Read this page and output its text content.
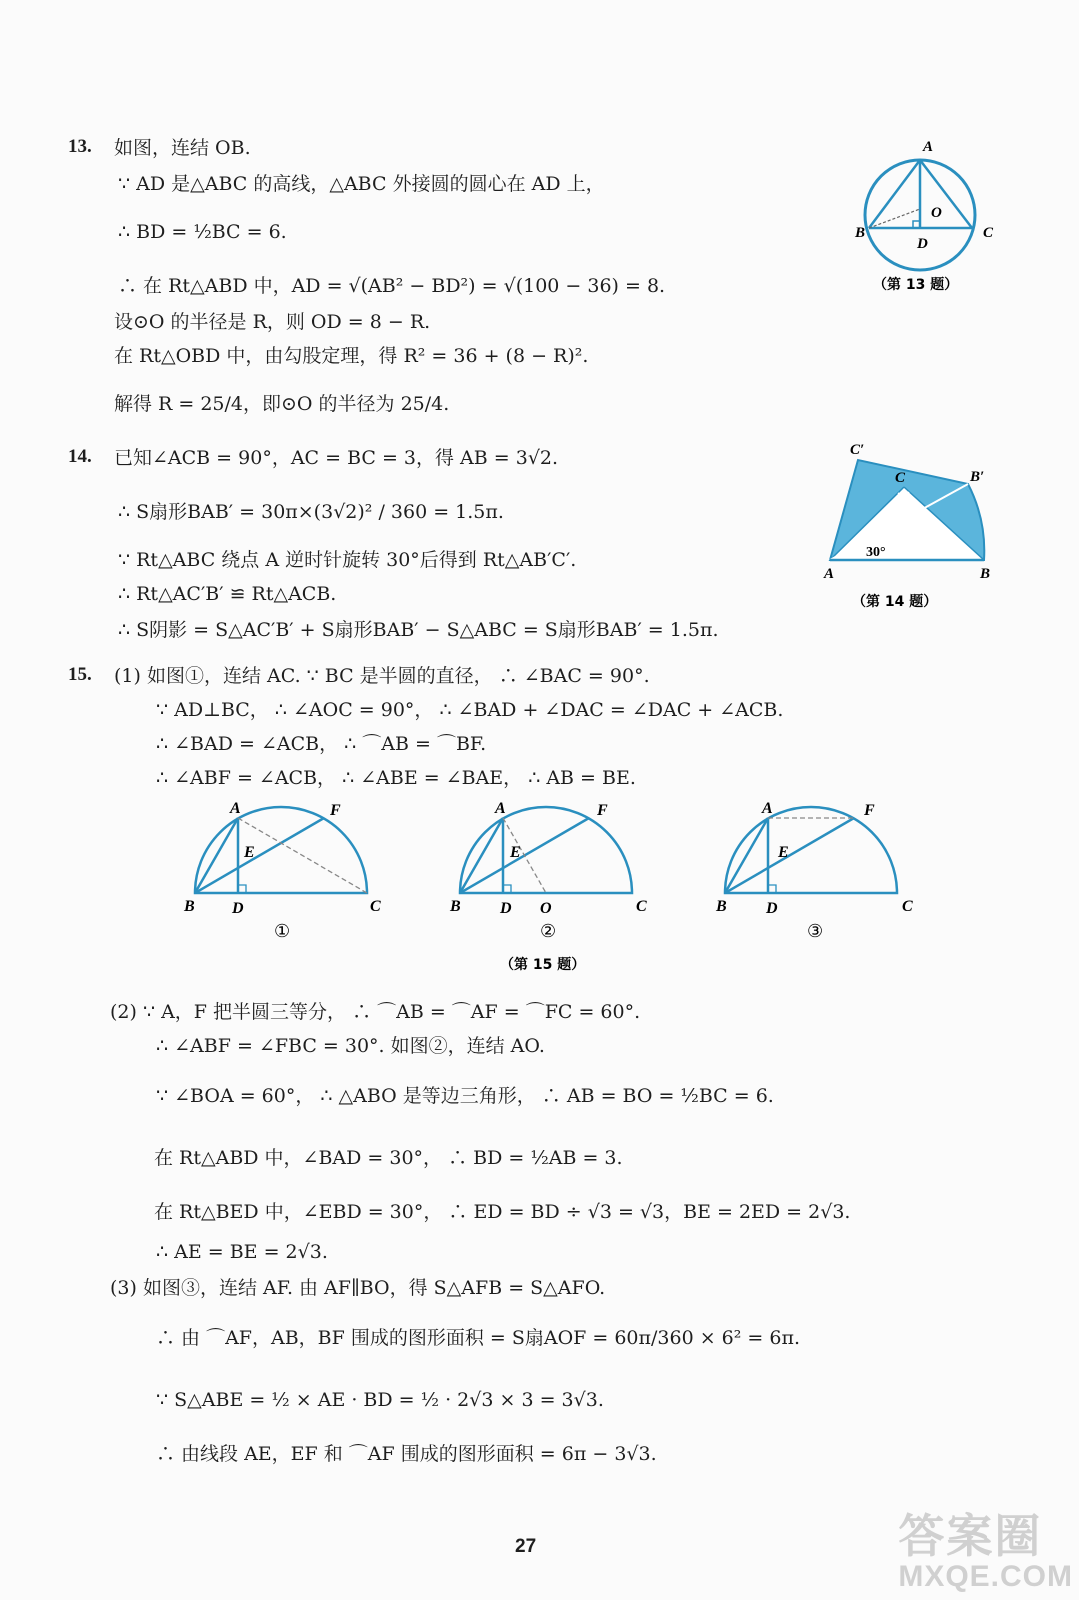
13. 如图，连结 OB.
∵ AD 是△ABC 的高线，△ABC 外接圆的圆心在 AD 上，
∴ BD = ½BC = 6.
∴ 在 Rt△ABD 中，AD = √(AB² − BD²) = √(100 − 36) = 8.
设⊙O 的半径是 R，则 OD = 8 − R.
在 Rt△OBD 中，由勾股定理，得 R² = 36 + (8 − R)².
解得 R = 25/4，即⊙O 的半径为 25/4.
A
O
B
D
C
（第 13 题）
14. 已知∠ACB = 90°，AC = BC = 3，得 AB = 3√2.
∴ S扇形BAB′ = 30π×(3√2)² / 360 = 1.5π.
∵ Rt△ABC 绕点 A 逆时针旋转 30°后得到 Rt△AB′C′.
∴ Rt△AC′B′ ≌ Rt△ACB.
∴ S阴影 = S△AC′B′ + S扇形BAB′ − S△ABC = S扇形BAB′ = 1.5π.
C′
C	B′
30°
A	B
（第 14 题）
15. (1) 如图①，连结 AC. ∵ BC 是半圆的直径， ∴ ∠BAC = 90°.
∵ AD⊥BC， ∴ ∠AOC = 90°， ∴ ∠BAD + ∠DAC = ∠DAC + ∠ACB.
∴ ∠BAD = ∠ACB， ∴ ⌒AB = ⌒BF.
∴ ∠ABF = ∠ACB， ∴ ∠ABE = ∠BAE， ∴ AB = BE.
A	F
E
B D	C
A	F
E
B D O	C
A	F
E
B D	C
①	②	③
（第 15 题）
(2) ∵ A，F 把半圆三等分， ∴ ⌒AB = ⌒AF = ⌒FC = 60°.
∴ ∠ABF = ∠FBC = 30°. 如图②，连结 AO.
∵ ∠BOA = 60°， ∴ △ABO 是等边三角形， ∴ AB = BO = ½BC = 6.
在 Rt△ABD 中，∠BAD = 30°， ∴ BD = ½AB = 3.
在 Rt△BED 中，∠EBD = 30°， ∴ ED = BD ÷ √3 = √3，BE = 2ED = 2√3.
∴ AE = BE = 2√3.
(3) 如图③，连结 AF. 由 AF∥BO，得 S△AFB = S△AFO.
∴ 由 ⌒AF，AB，BF 围成的图形面积 = S扇AOF = 60π/360 × 6² = 6π.
∵ S△ABE = ½ × AE · BD = ½ · 2√3 × 3 = 3√3.
∴ 由线段 AE，EF 和 ⌒AF 围成的图形面积 = 6π − 3√3.
27	答案圈
MXQE.COM
